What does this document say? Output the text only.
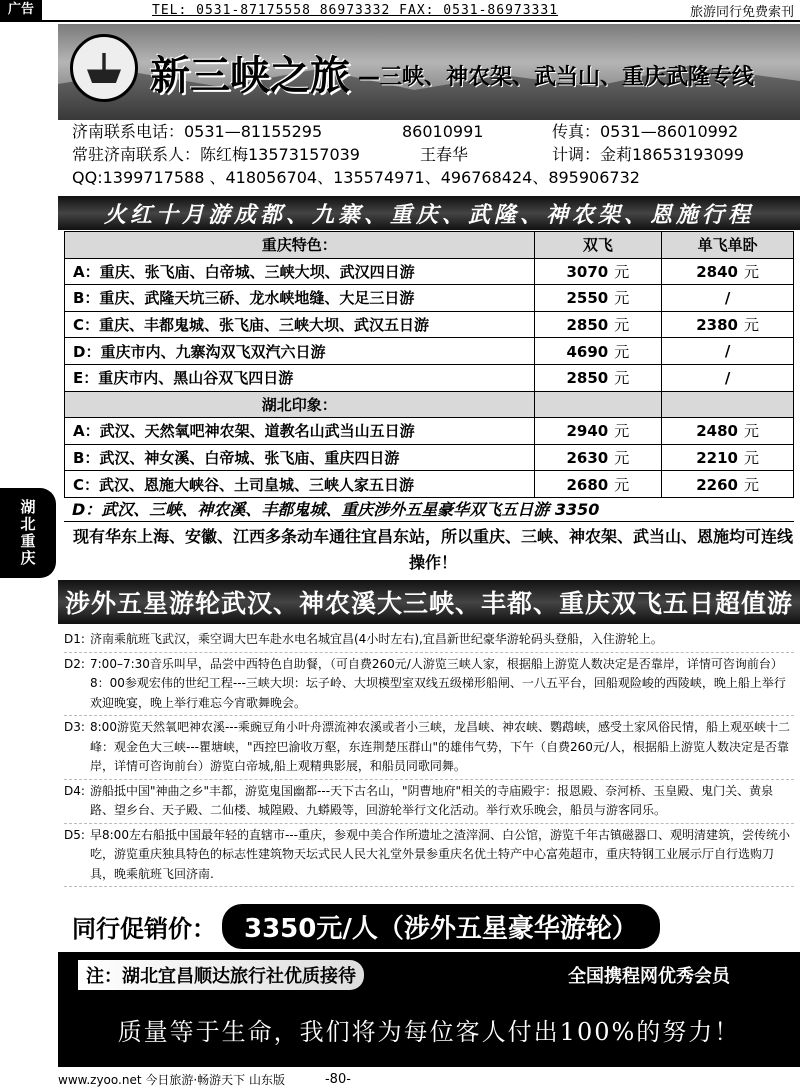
广告	TEL: 0531-87175558 86973332 FAX: 0531-86973331	旅游同行免费索刊
湖北重庆
新三峡之旅 —三峡、神农架、武当山、重庆武隆专线
济南联系电话：0531—81155295	86010991	传真：0531—86010992
常驻济南联系人：陈红梅13573157039	王春华	计调：金莉18653193099
QQ:1399717588 、418056704、135574971、496768424、895906732
火红十月游成都、九寨、重庆、武隆、神农架、恩施行程
重庆特色：	双飞	单飞单卧
A：重庆、张飞庙、白帝城、三峡大坝、武汉四日游	3070 元	2840 元
B：重庆、武隆天坑三硚、龙水峡地缝、大足三日游	2550 元	/
C：重庆、丰都鬼城、张飞庙、三峡大坝、武汉五日游	2850 元	2380 元
D：重庆市内、九寨沟双飞双汽六日游	4690 元	/
E：重庆市内、黑山谷双飞四日游	2850 元	/
湖北印象：		
A：武汉、天然氧吧神农架、道教名山武当山五日游	2940 元	2480 元
B：武汉、神女溪、白帝城、张飞庙、重庆四日游	2630 元	2210 元
C：武汉、恩施大峡谷、土司皇城、三峡人家五日游	2680 元	2260 元
D：武汉、三峡、神农溪、丰都鬼城、重庆涉外五星豪华双飞五日游 3350
现有华东上海、安徽、江西多条动车通往宜昌东站，所以重庆、三峡、神农架、武当山、恩施均可连线操作！
涉外五星游轮武汉、神农溪大三峡、丰都、重庆双飞五日超值游
D1: 济南乘航班飞武汉，乘空调大巴车赴水电名城宜昌(4小时左右),宜昌新世纪豪华游轮码头登船，入住游轮上。
D2: 7:00–7:30音乐叫早，品尝中西特色自助餐，（可自费260元/人游览三峡人家，根据船上游览人数决定是否靠岸，详情可咨询前台）8：00参观宏伟的世纪工程---三峡大坝：坛子岭、大坝模型室双线五级梯形船闸、一八五平台，回船观险峻的西陵峡，晚上船上举行欢迎晚宴，晚上举行难忘今宵歌舞晚会。
D3: 8:00游览天然氧吧神农溪---乘豌豆角小叶舟漂流神农溪或者小三峡，龙昌峡、神农峡、鹦鹉峡，感受土家风俗民情，船上观巫峡十二峰：观金色大三峡---瞿塘峡，"西控巴渝收万壑，东连荆楚压群山"的雄伟气势，下午（自费260元/人，根据船上游览人数决定是否靠岸，详情可咨询前台）游览白帝城,船上观精典影展，和船员同歌同舞。
D4: 游船抵中国"神曲之乡"丰都，游览鬼国幽都---天下古名山，"阴曹地府"相关的寺庙殿宇：报恩殿、奈河桥、玉皇殿、鬼门关、黄泉路、望乡台、天子殿、二仙楼、城隍殿、九蟒殿等，回游轮举行文化活动。举行欢乐晚会，船员与游客同乐。
D5: 早8:00左右船抵中国最年轻的直辖市---重庆，参观中美合作所遗址之渣滓洞、白公馆，游览千年古镇磁器口、观明清建筑，尝传统小吃，游览重庆独具特色的标志性建筑物天坛式民人民大礼堂外景参重庆名优土特产中心富苑超市，重庆特钢工业展示厅自行选购刀具，晚乘航班飞回济南.
同行促销价：	3350元/人（涉外五星豪华游轮）
注：湖北宜昌顺达旅行社优质接待	全国携程网优秀会员
质量等于生命，我们将为每位客人付出100%的努力！
www.zyoo.net 今日旅游·畅游天下 山东版	-80-
